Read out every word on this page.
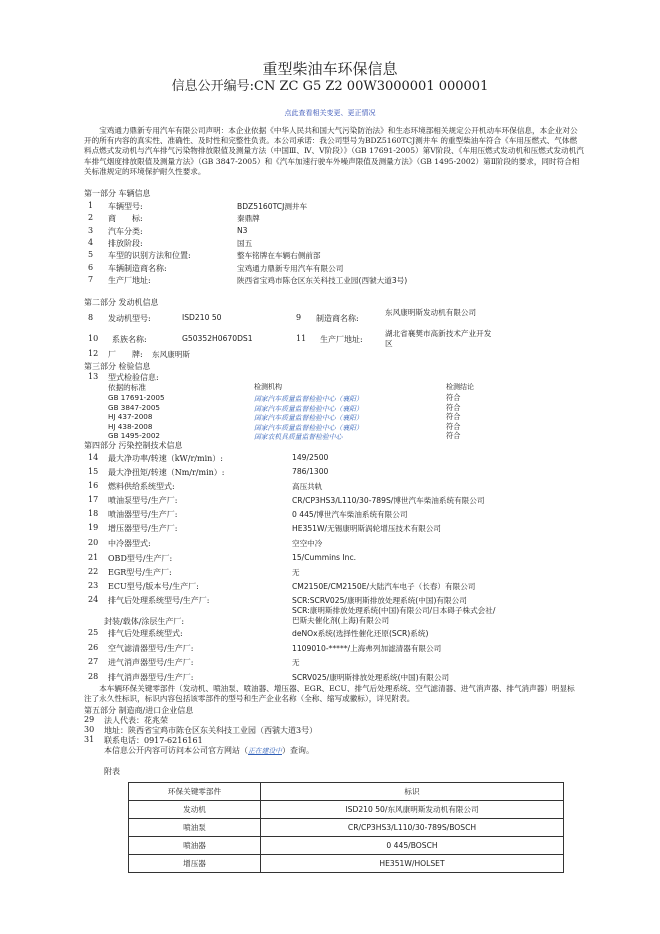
重型柴油车环保信息
信息公开编号:CN ZC G5 Z2 00W3000001 000001
点此查看相关变更、更正情况
宝鸡通力鼎新专用汽车有限公司声明：本企业依据《中华人民共和国大气污染防治法》和生态环境部相关规定公开机动车环保信息，本企业对公开的所有内容的真实性、准确性、及时性和完整性负责。本公司承诺：我公司型号为BDZ5160TCJ测井车 的重型柴油车符合《车用压燃式、气体燃料点燃式发动机与汽车排气污染物排放限值及测量方法（中国Ⅲ、Ⅳ、Ⅴ阶段）》（GB 17691-2005）第Ⅴ阶段、《车用压燃式发动机和压燃式发动机汽车排气烟度排放限值及测量方法》（GB 3847-2005）和《汽车加速行驶车外噪声限值及测量方法》（GB 1495-2002）第Ⅱ阶段的要求，同时符合相关标准规定的环境保护耐久性要求。
第一部分 车辆信息
1 车辆型号:	BDZ5160TCJ测井车
2 商　　标:	秦鼎牌
3 汽车分类:	N3
4 排放阶段:	国五
5 车型的识别方法和位置:	整车铭牌在车辆右侧前部
6 车辆制造商名称:	宝鸡通力鼎新专用汽车有限公司
7 生产厂地址:	陕西省宝鸡市陈仓区东关科技工业园(西虢大道3号)
第二部分 发动机信息
8 发动机型号:	ISD210 50	9 制造商名称:
东风康明斯发动机有限公司
10 系族名称:	G50352H0670DS1	11 生产厂地址:
湖北省襄樊市高新技术产业开发区
12 厂　　牌: 东风康明斯
第三部分 检验信息
13 型式检验信息:
依据的标准	检测机构	检测结论
GB 17691-2005	国家汽车质量监督检验中心（襄阳）	符合
GB 3847-2005	国家汽车质量监督检验中心（襄阳）	符合
HJ 437-2008	国家汽车质量监督检验中心（襄阳）	符合
HJ 438-2008	国家汽车质量监督检验中心（襄阳）	符合
GB 1495-2002	国家农机具质量监督检验中心	符合
第四部分 污染控制技术信息
14 最大净功率/转速（kW/r/min）:	149/2500
15 最大净扭矩/转速（Nm/r/min）:	786/1300
16 燃料供给系统型式:	高压共轨
17 喷油泵型号/生产厂:	CR/CP3HS3/L110/30-789S/博世汽车柴油系统有限公司
18 喷油器型号/生产厂:	0 445/博世汽车柴油系统有限公司
19 增压器型号/生产厂:	HE351W/无锡康明斯涡轮增压技术有限公司
20 中冷器型式:	空空中冷
21 OBD型号/生产厂:	15/Cummins Inc.
22 EGR型号/生产厂:	无
23 ECU型号/版本号/生产厂:	CM2150E/CM2150E/大陆汽车电子（长春）有限公司
24 排气后处理系统型号/生产厂:	SCR:SCRV025/康明斯排放处理系统(中国)有限公司
封装/载体/涂层生产厂:
SCR:康明斯排放处理系统(中国)有限公司/日本碍子株式会社/巴斯夫催化剂(上海)有限公司
25 排气后处理系统型式:	deNOx系统(选择性催化还原(SCR)系统)
26 空气滤清器型号/生产厂:	1109010-*****/上海弗列加滤清器有限公司
27 进气消声器型号/生产厂:	无
28 排气消声器型号/生产厂:	SCRV025/康明斯排放处理系统(中国)有限公司
本车辆环保关键零部件（发动机、喷油泵、喷油器、增压器、EGR、ECU、排气后处理系统、空气滤清器、进气消声器、排气消声器）明显标注了永久性标识，标识内容包括该零部件的型号和生产企业名称（全称、缩写或徽标），详见附表。
第五部分 制造商/进口企业信息
29 法人代表：花兆荣
30 地址：陕西省宝鸡市陈仓区东关科技工业园（西虢大道3号）
31 联系电话：0917-6216161
本信息公开内容可访问本公司官方网站（正在建设中）查询。
附表
环保关键零部件	标识
发动机	ISD210 50/东风康明斯发动机有限公司
喷油泵	CR/CP3HS3/L110/30-789S/BOSCH
喷油器	0 445/BOSCH
增压器	HE351W/HOLSET
